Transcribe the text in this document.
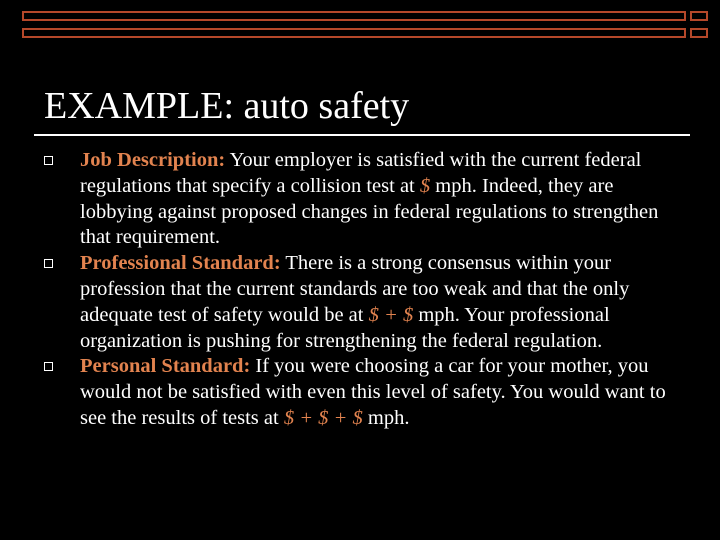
EXAMPLE: auto safety
Job Description: Your employer is satisfied with the current federal regulations that specify a collision test at $ mph. Indeed, they are lobbying against proposed changes in federal regulations to strengthen that requirement.
Professional Standard: There is a strong consensus within your profession that the current standards are too weak and that the only adequate test of safety would be at $ + $ mph. Your professional organization is pushing for strengthening the federal regulation.
Personal Standard: If you were choosing a car for your mother, you would not be satisfied with even this level of safety. You would want to see the results of tests at $ + $ + $ mph.
